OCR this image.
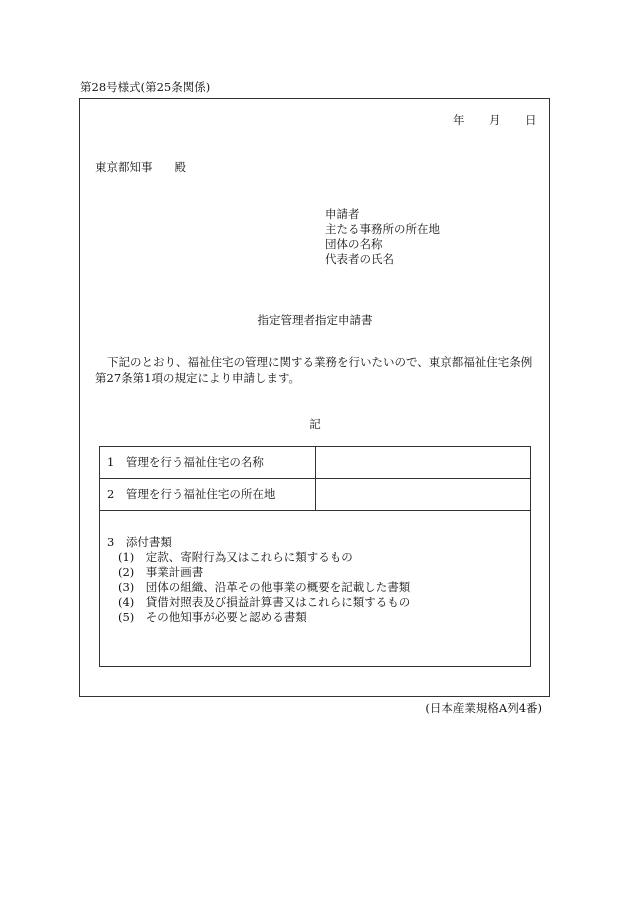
第28号様式(第25条関係)
年 月 日
東京都知事 殿
申請者
主たる事務所の所在地
団体の名称
代表者の氏名
指定管理者指定申請書
下記のとおり、福祉住宅の管理に関する業務を行いたいので、東京都福祉住宅条例第27条第1項の規定により申請します。
記
1　管理を行う福祉住宅の名称
2　管理を行う福祉住宅の所在地
3　添付書類
(1)　定款、寄附行為又はこれらに類するもの
(2)　事業計画書
(3)　団体の組織、沿革その他事業の概要を記載した書類
(4)　貸借対照表及び損益計算書又はこれらに類するもの
(5)　その他知事が必要と認める書類
(日本産業規格A列4番)
